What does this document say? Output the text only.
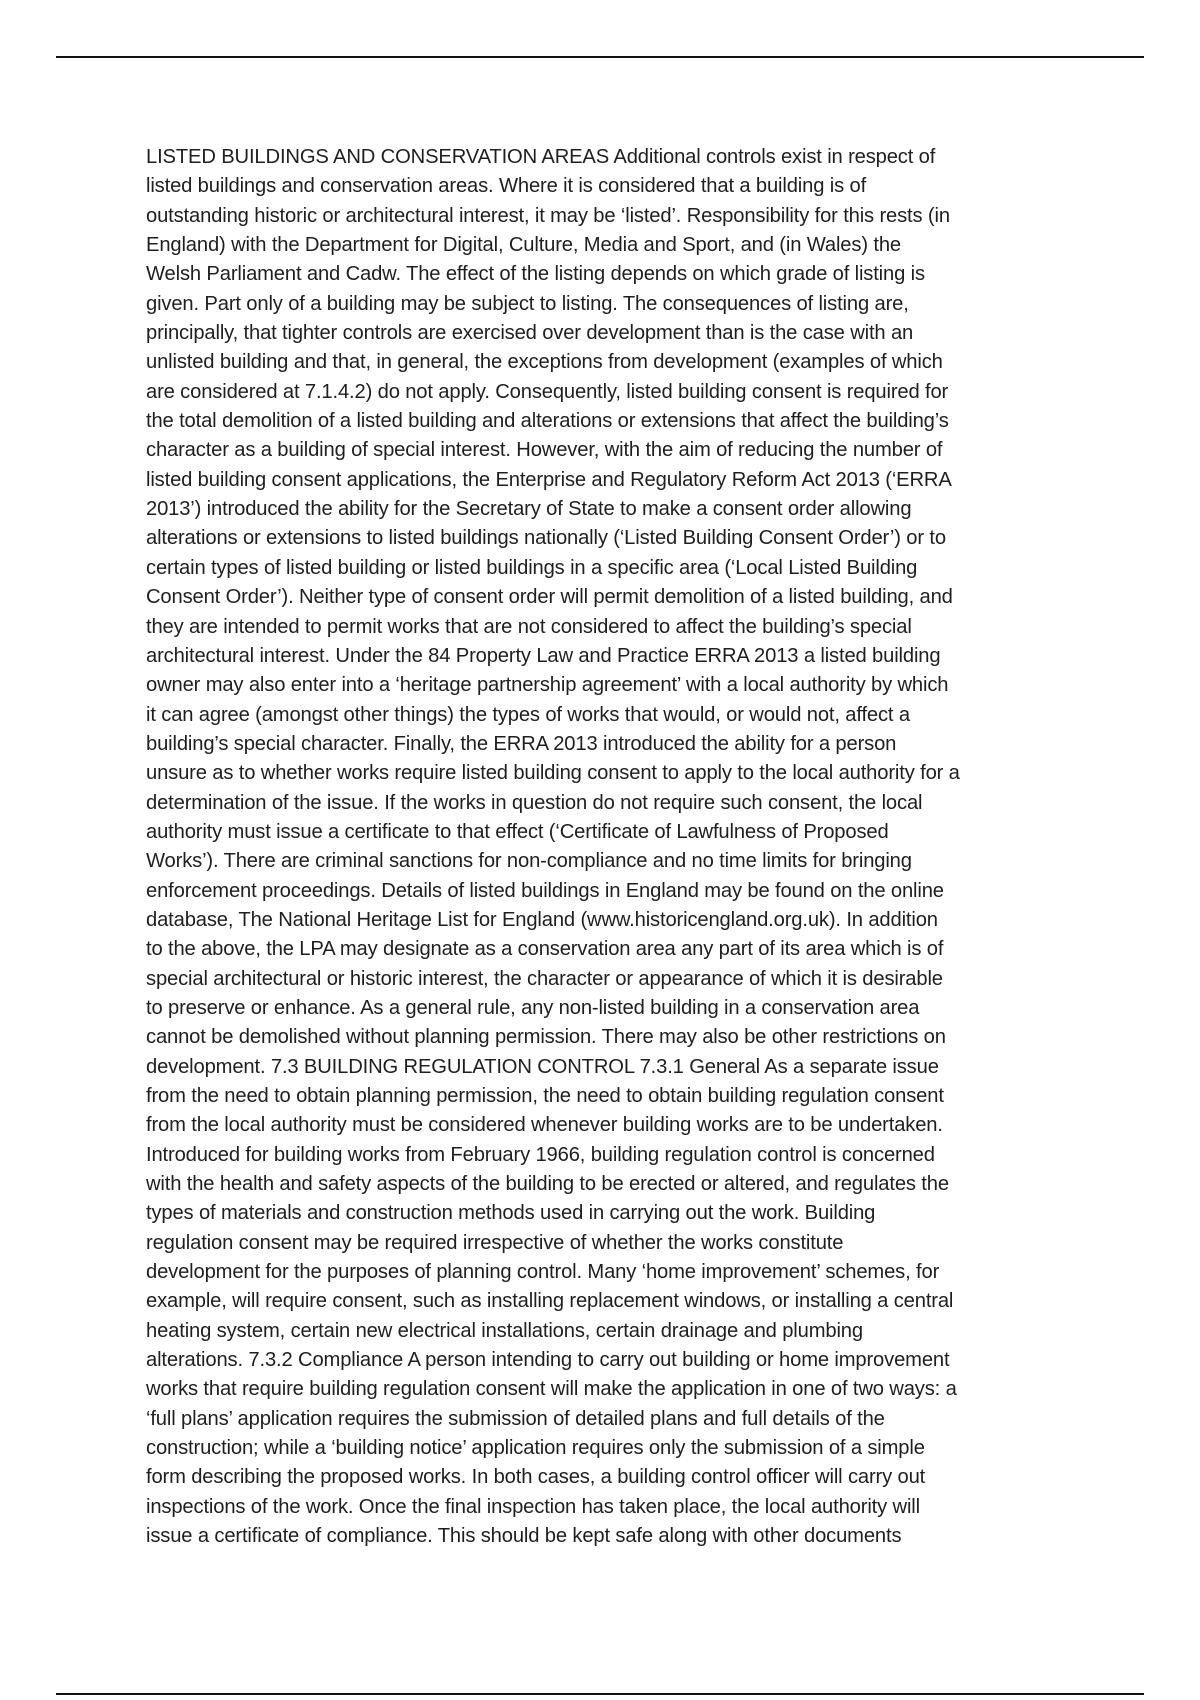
LISTED BUILDINGS AND CONSERVATION AREAS Additional controls exist in respect of
listed buildings and conservation areas. Where it is considered that a building is of
outstanding historic or architectural interest, it may be ‘listed’. Responsibility for this rests (in
England) with the Department for Digital, Culture, Media and Sport, and (in Wales) the
Welsh Parliament and Cadw. The effect of the listing depends on which grade of listing is
given. Part only of a building may be subject to listing. The consequences of listing are,
principally, that tighter controls are exercised over development than is the case with an
unlisted building and that, in general, the exceptions from development (examples of which
are considered at 7.1.4.2) do not apply. Consequently, listed building consent is required for
the total demolition of a listed building and alterations or extensions that affect the building’s
character as a building of special interest. However, with the aim of reducing the number of
listed building consent applications, the Enterprise and Regulatory Reform Act 2013 (‘ERRA
2013’) introduced the ability for the Secretary of State to make a consent order allowing
alterations or extensions to listed buildings nationally (‘Listed Building Consent Order’) or to
certain types of listed building or listed buildings in a specific area (‘Local Listed Building
Consent Order’). Neither type of consent order will permit demolition of a listed building, and
they are intended to permit works that are not considered to affect the building’s special
architectural interest. Under the 84 Property Law and Practice ERRA 2013 a listed building
owner may also enter into a ‘heritage partnership agreement’ with a local authority by which
it can agree (amongst other things) the types of works that would, or would not, affect a
building’s special character. Finally, the ERRA 2013 introduced the ability for a person
unsure as to whether works require listed building consent to apply to the local authority for a
determination of the issue. If the works in question do not require such consent, the local
authority must issue a certificate to that effect (‘Certificate of Lawfulness of Proposed
Works’). There are criminal sanctions for non-compliance and no time limits for bringing
enforcement proceedings. Details of listed buildings in England may be found on the online
database, The National Heritage List for England (www.historicengland.org.uk). In addition
to the above, the LPA may designate as a conservation area any part of its area which is of
special architectural or historic interest, the character or appearance of which it is desirable
to preserve or enhance. As a general rule, any non-listed building in a conservation area
cannot be demolished without planning permission. There may also be other restrictions on
development. 7.3 BUILDING REGULATION CONTROL 7.3.1 General As a separate issue
from the need to obtain planning permission, the need to obtain building regulation consent
from the local authority must be considered whenever building works are to be undertaken.
Introduced for building works from February 1966, building regulation control is concerned
with the health and safety aspects of the building to be erected or altered, and regulates the
types of materials and construction methods used in carrying out the work. Building
regulation consent may be required irrespective of whether the works constitute
development for the purposes of planning control. Many ‘home improvement’ schemes, for
example, will require consent, such as installing replacement windows, or installing a central
heating system, certain new electrical installations, certain drainage and plumbing
alterations. 7.3.2 Compliance A person intending to carry out building or home improvement
works that require building regulation consent will make the application in one of two ways: a
‘full plans’ application requires the submission of detailed plans and full details of the
construction; while a ‘building notice’ application requires only the submission of a simple
form describing the proposed works. In both cases, a building control officer will carry out
inspections of the work. Once the final inspection has taken place, the local authority will
issue a certificate of compliance. This should be kept safe along with other documents
